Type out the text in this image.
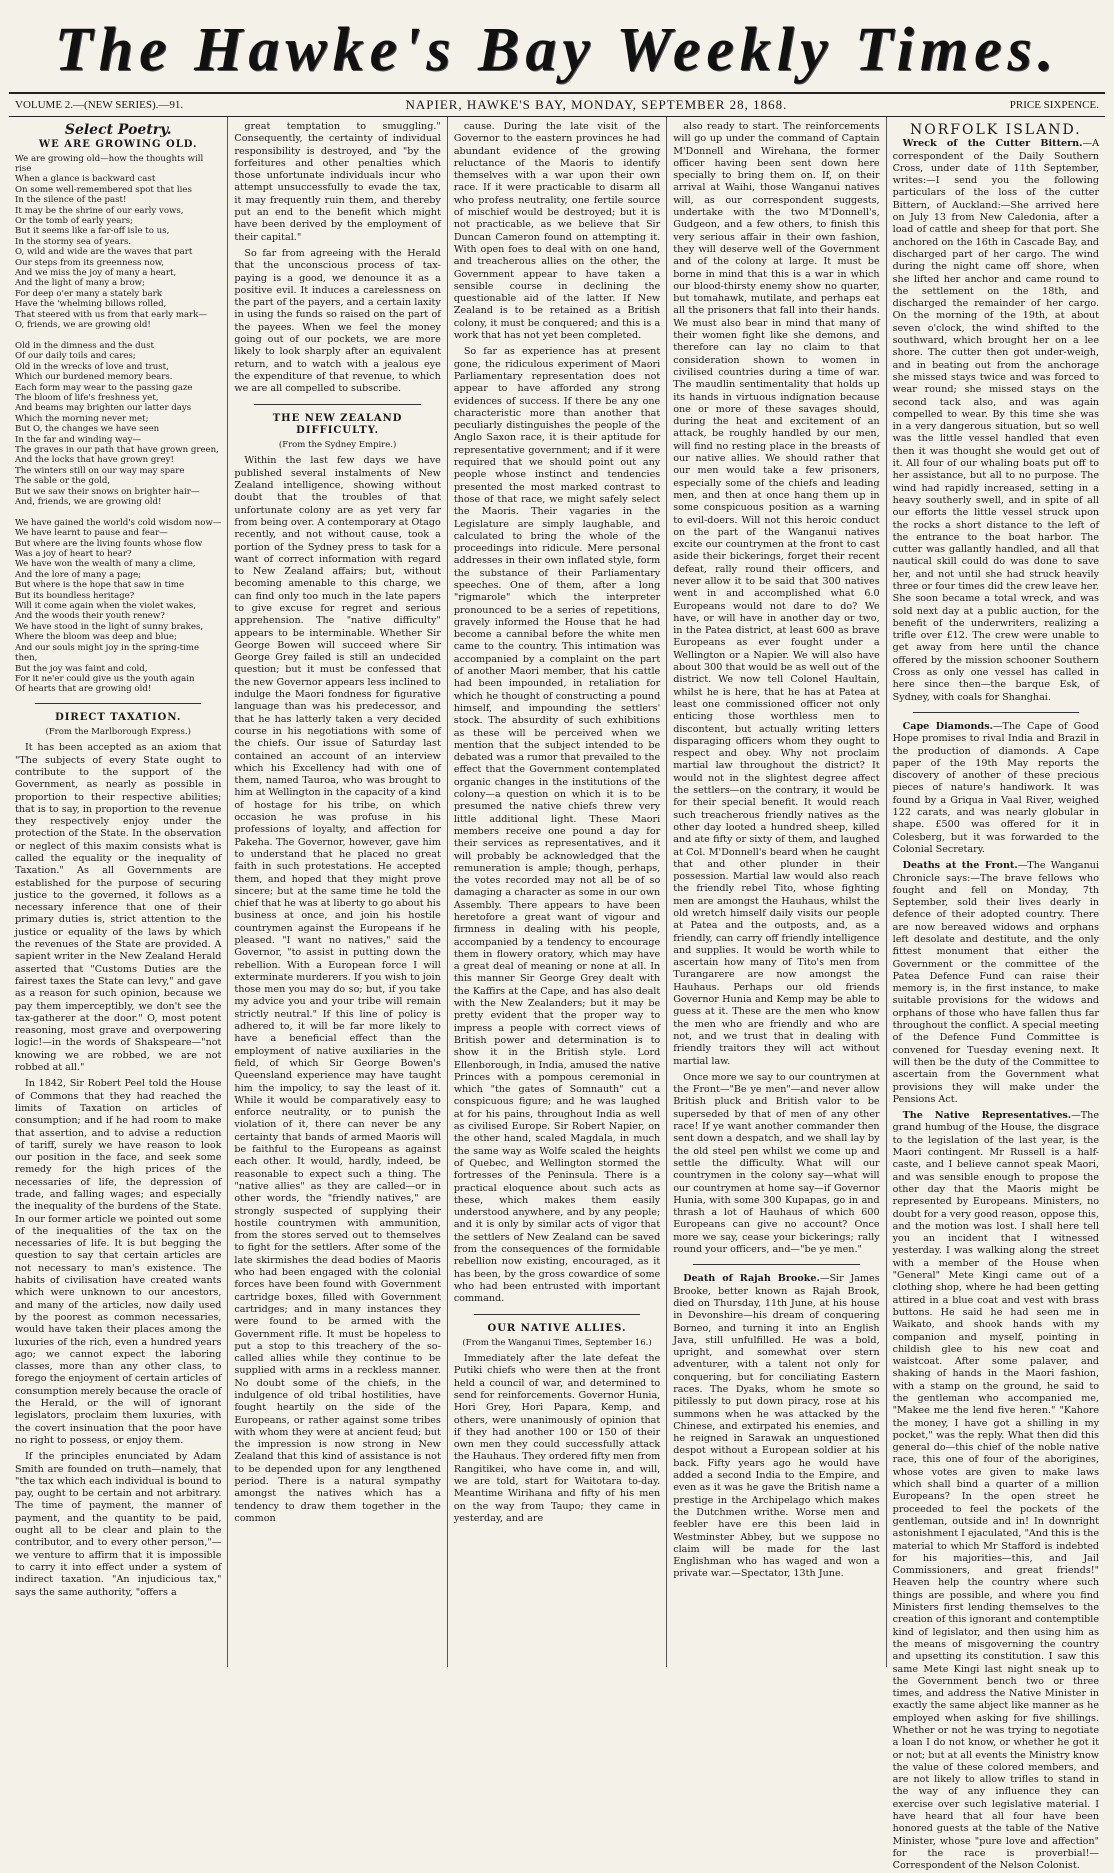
The Hawke's Bay Weekly Times.
VOLUME 2.—(NEW SERIES).—91.	NAPIER, HAWKE'S BAY, MONDAY, SEPTEMBER 28, 1868.	PRICE SIXPENCE.
Select Poetry.
WE ARE GROWING OLD.
We are growing old—how the thoughts will rise
When a glance is backward cast
On some well-remembered spot that lies
In the silence of the past!
It may be the shrine of our early vows,
Or the tomb of early years;
But it seems like a far-off isle to us,
In the stormy sea of years.
O, wild and wide are the waves that part
Our steps from its greenness now,
And we miss the joy of many a heart,
And the light of many a brow;
For deep o'er many a stately bark
Have the 'whelming billows rolled,
That steered with us from that early mark—
O, friends, we are growing old!

Old in the dimness and the dust
Of our daily toils and cares;
Old in the wrecks of love and trust,
Which our burdened memory bears.
Each form may wear to the passing gaze
The bloom of life's freshness yet,
And beams may brighten our latter days
Which the morning never met;
But O, the changes we have seen
In the far and winding way—
The graves in our path that have grown green,
And the locks that have grown grey!
The winters still on our way may spare
The sable or the gold,
But we saw their snows on brighter hair—
And, friends, we are growing old!

We have gained the world's cold wisdom now—
We have learnt to pause and fear—
But where are the living founts whose flow
Was a joy of heart to hear?
We have won the wealth of many a clime,
And the lore of many a page;
But where is the hope that saw in time
But its boundless heritage?
Will it come again when the violet wakes,
And the woods their youth renew?
We have stood in the light of sunny brakes,
Where the bloom was deep and blue;
And our souls might joy in the spring-time then,
But the joy was faint and cold,
For it ne'er could give us the youth again
Of hearts that are growing old!
DIRECT TAXATION.
(From the Marlborough Express.)

It has been accepted as an axiom that "The subjects of every State ought to contribute to the support of the Government, as nearly as possible in proportion to their respective abilities; that is to say, in proportion to the revenue they respectively enjoy under the protection of the State. In the observation or neglect of this maxim consists what is called the equality or the inequality of Taxation." As all Governments are established for the purpose of securing justice to the governed, it follows as a necessary inference that one of their primary duties is, strict attention to the justice or equality of the laws by which the revenues of the State are provided. A sapient writer in the New Zealand Herald asserted that "Customs Duties are the fairest taxes the State can levy," and gave as a reason for such opinion, because we pay them imperceptibly, we don't see the tax-gatherer at the door." O, most potent reasoning, most grave and overpowering logic!—in the words of Shakspeare—"not knowing we are robbed, we are not robbed at all."

In 1842, Sir Robert Peel told the House of Commons that they had reached the limits of Taxation on articles of consumption; and if he had room to make that assertion, and to advise a reduction of tariff, surely we have reason to look our position in the face, and seek some remedy for the high prices of the necessaries of life, the depression of trade, and falling wages; and especially the inequality of the burdens of the State. In our former article we pointed out some of the inequalities of the tax on the necessaries of life. It is but begging the question to say that certain articles are not necessary to man's existence. The habits of civilisation have created wants which were unknown to our ancestors, and many of the articles, now daily used by the poorest as common necessaries, would have taken their places among the luxuries of the rich, even a hundred years ago; we cannot expect the laboring classes, more than any other class, to forego the enjoyment of certain articles of consumption merely because the oracle of the Herald, or the will of ignorant legislators, proclaim them luxuries, with the covert insinuation that the poor have no right to possess, or enjoy them.

If the principles enunciated by Adam Smith are founded on truth—namely, that "the tax which each individual is bound to pay, ought to be certain and not arbitrary. The time of payment, the manner of payment, and the quantity to be paid, ought all to be clear and plain to the contributor, and to every other person,"—we venture to affirm that it is impossible to carry it into effect under a system of indirect taxation. "An injudicious tax," says the same authority, "offers a

great temptation to smuggling." Consequently, the certainty of individual responsibility is destroyed, and "by the forfeitures and other penalties which those unfortunate individuals incur who attempt unsuccessfully to evade the tax, it may frequently ruin them, and thereby put an end to the benefit which might have been derived by the employment of their capital."

So far from agreeing with the Herald that the unconscious process of tax-paying is a good, we denounce it as a positive evil. It induces a carelessness on the part of the payers, and a certain laxity in using the funds so raised on the part of the payees. When we feel the money going out of our pockets, we are more likely to look sharply after an equivalent return, and to watch with a jealous eye the expenditure of that revenue, to which we are all compelled to subscribe.

THE NEW ZEALAND DIFFICULTY.
(From the Sydney Empire.)

Within the last few days we have published several instalments of New Zealand intelligence, showing without doubt that the troubles of that unfortunate colony are as yet very far from being over. A contemporary at Otago recently, and not without cause, took a portion of the Sydney press to task for a want of correct information with regard to New Zealand affairs; but, without becoming amenable to this charge, we can find only too much in the late papers to give excuse for regret and serious apprehension. The "native difficulty" appears to be interminable. Whether Sir George Bowen will succeed where Sir George Grey failed is still an undecided question; but it must be confessed that the new Governor appears less inclined to indulge the Maori fondness for figurative language than was his predecessor, and that he has latterly taken a very decided course in his negotiations with some of the chiefs. Our issue of Saturday last contained an account of an interview which his Excellency had with one of them, named Tauroa, who was brought to him at Wellington in the capacity of a kind of hostage for his tribe, on which occasion he was profuse in his professions of loyalty, and affection for Pakeha. The Governor, however, gave him to understand that he placed no great faith in such protestations. He accepted them, and hoped that they might prove sincere; but at the same time he told the chief that he was at liberty to go about his business at once, and join his hostile countrymen against the Europeans if he pleased. "I want no natives," said the Governor, "to assist in putting down the rebellion. With a European force I will exterminate murderers. If you wish to join those men you may do so; but, if you take my advice you and your tribe will remain strictly neutral." If this line of policy is adhered to, it will be far more likely to have a beneficial effect than the employment of native auxiliaries in the field, of which Sir George Bowen's Queensland experience may have taught him the impolicy, to say the least of it. While it would be comparatively easy to enforce neutrality, or to punish the violation of it, there can never be any certainty that bands of armed Maoris will be faithful to the Europeans as against each other. It would, hardly, indeed, be reasonable to expect such a thing. The "native allies" as they are called—or in other words, the "friendly natives," are strongly suspected of supplying their hostile countrymen with ammunition, from the stores served out to themselves to fight for the settlers. After some of the late skirmishes the dead bodies of Maoris who had been engaged with the colonial forces have been found with Government cartridge boxes, filled with Government cartridges; and in many instances they were found to be armed with the Government rifle. It must be hopeless to put a stop to this treachery of the so-called allies while they continue to be supplied with arms in a reckless manner. No doubt some of the chiefs, in the indulgence of old tribal hostilities, have fought heartily on the side of the Europeans, or rather against some tribes with whom they were at ancient feud; but the impression is now strong in New Zealand that this kind of assistance is not to be depended upon for any lengthened period. There is a natural sympathy amongst the natives which has a tendency to draw them together in the common

cause. During the late visit of the Governor to the eastern provinces he had abundant evidence of the growing reluctance of the Maoris to identify themselves with a war upon their own race. If it were practicable to disarm all who profess neutrality, one fertile source of mischief would be destroyed; but it is not practicable, as we believe that Sir Duncan Cameron found on attempting it. With open foes to deal with on one hand, and treacherous allies on the other, the Government appear to have taken a sensible course in declining the questionable aid of the latter. If New Zealand is to be retained as a British colony, it must be conquered; and this is a work that has not yet been completed.

So far as experience has at present gone, the ridiculous experiment of Maori Parliamentary representation does not appear to have afforded any strong evidences of success. If there be any one characteristic more than another that peculiarly distinguishes the people of the Anglo Saxon race, it is their aptitude for representative government; and if it were required that we should point out any people whose instinct and tendencies presented the most marked contrast to those of that race, we might safely select the Maoris. Their vagaries in the Legislature are simply laughable, and calculated to bring the whole of the proceedings into ridicule. Mere personal addresses in their own inflated style, form the substance of their Parliamentary speeches. One of them, after a long "rigmarole" which the interpreter pronounced to be a series of repetitions, gravely informed the House that he had become a cannibal before the white men came to the country. This intimation was accompanied by a complaint on the part of another Maori member, that his cattle had been impounded, in retaliation for which he thought of constructing a pound himself, and impounding the settlers' stock. The absurdity of such exhibitions as these will be perceived when we mention that the subject intended to be debated was a rumor that prevailed to the effect that the Government contemplated organic changes in the institutions of the colony—a question on which it is to be presumed the native chiefs threw very little additional light. These Maori members receive one pound a day for their services as representatives, and it will probably be acknowledged that the remuneration is ample; though, perhaps, the votes recorded may not all be of so damaging a character as some in our own Assembly. There appears to have been heretofore a great want of vigour and firmness in dealing with his people, accompanied by a tendency to encourage them in flowery oratory, which may have a great deal of meaning or none at all. In this manner Sir George Grey dealt with the Kaffirs at the Cape, and has also dealt with the New Zealanders; but it may be pretty evident that the proper way to impress a people with correct views of British power and determination is to show it in the British style. Lord Ellenborough, in India, amused the native Princes with a pompous ceremonial in which "the gates of Somnauth" cut a conspicuous figure; and he was laughed at for his pains, throughout India as well as civilised Europe. Sir Robert Napier, on the other hand, scaled Magdala, in much the same way as Wolfe scaled the heights of Quebec, and Wellington stormed the fortresses of the Peninsula. There is a practical eloquence about such acts as these, which makes them easily understood anywhere, and by any people; and it is only by similar acts of vigor that the settlers of New Zealand can be saved from the consequences of the formidable rebellion now existing, encouraged, as it has been, by the gross cowardice of some who had been entrusted with important command.

OUR NATIVE ALLIES.
(From the Wanganui Times, September 16.)

Immediately after the late defeat the Putiki chiefs who were then at the front held a council of war, and determined to send for reinforcements. Governor Hunia, Hori Grey, Hori Papara, Kemp, and others, were unanimously of opinion that if they had another 100 or 150 of their own men they could successfully attack the Hauhaus. They ordered fifty men from Rangitikei, who have come in, and will, we are told, start for Waitotara to-day. Meantime Wirihana and fifty of his men on the way from Taupo; they came in yesterday, and are

also ready to start. The reinforcements will go up under the command of Captain M'Donnell and Wirehana, the former officer having been sent down here specially to bring them on. If, on their arrival at Waihi, those Wanganui natives will, as our correspondent suggests, undertake with the two M'Donnell's, Gudgeon, and a few others, to finish this very serious affair in their own fashion, they will deserve well of the Government and of the colony at large. It must be borne in mind that this is a war in which our blood-thirsty enemy show no quarter, but tomahawk, mutilate, and perhaps eat all the prisoners that fall into their hands. We must also bear in mind that many of their women fight like she demons, and therefore can lay no claim to that consideration shown to women in civilised countries during a time of war. The maudlin sentimentality that holds up its hands in virtuous indignation because one or more of these savages should, during the heat and excitement of an attack, be roughly handled by our men, will find no resting place in the breasts of our native allies. We should rather that our men would take a few prisoners, especially some of the chiefs and leading men, and then at once hang them up in some conspicuous position as a warning to evil-doers. Will not this heroic conduct on the part of the Wanganui natives excite our countrymen at the front to cast aside their bickerings, forget their recent defeat, rally round their officers, and never allow it to be said that 300 natives went in and accomplished what 6.0 Europeans would not dare to do? We have, or will have in another day or two, in the Patea district, at least 600 as brave Europeans as ever fought under a Wellington or a Napier. We will also have about 300 that would be as well out of the district. We now tell Colonel Haultain, whilst he is here, that he has at Patea at least one commissioned officer not only enticing those worthless men to discontent, but actually writing letters disparaging officers whom they ought to respect and obey. Why not proclaim martial law throughout the district? It would not in the slightest degree affect the settlers—on the contrary, it would be for their special benefit. It would reach such treacherous friendly natives as the other day looted a hundred sheep, killed and ate fifty or sixty of them, and laughed at Col. M'Donnell's beard when he caught that and other plunder in their possession. Martial law would also reach the friendly rebel Tito, whose fighting men are amongst the Hauhaus, whilst the old wretch himself daily visits our people at Patea and the outposts, and, as a friendly, can carry off friendly intelligence and supplies. It would be worth while to ascertain how many of Tito's men from Turangarere are now amongst the Hauhaus. Perhaps our old friends Governor Hunia and Kemp may be able to guess at it. These are the men who know the men who are friendly and who are not, and we trust that in dealing with friendly traitors they will act without martial law.

Once more we say to our countrymen at the Front—"Be ye men"—and never allow British pluck and British valor to be superseded by that of men of any other race! If ye want another commander then sent down a despatch, and we shall lay by the old steel pen whilst we come up and settle the difficulty. What will our countrymen in the colony say—what will our countrymen at home say—if Governor Hunia, with some 300 Kupapas, go in and thrash a lot of Hauhaus of which 600 Europeans can give no account? Once more we say, cease your bickerings; rally round your officers, and—"be ye men."

Death of Rajah Brooke.—Sir James Brooke, better known as Rajah Brook, died on Thursday, 11th June, at his house in Devonshire—his dream of conquering Borneo, and turning it into an English Java, still unfulfilled. He was a bold, upright, and somewhat over stern adventurer, with a talent not only for conquering, but for conciliating Eastern races. The Dyaks, whom he smote so pitilessly to put down piracy, rose at his summons when he was attacked by the Chinese, and extirpated his enemies, and he reigned in Sarawak an unquestioned despot without a European soldier at his back. Fifty years ago he would have added a second India to the Empire, and even as it was he gave the British name a prestige in the Archipelago which makes the Dutchmen writhe. Worse men and feebler have ere this been laid in Westminster Abbey, but we suppose no claim will be made for the last Englishman who has waged and won a private war.—Spectator, 13th June.

NORFOLK ISLAND.

Wreck of the Cutter Bittern.—A correspondent of the Daily Southern Cross, under date of 11th September, writes:—I send you the following particulars of the loss of the cutter Bittern, of Auckland:—She arrived here on July 13 from New Caledonia, after a load of cattle and sheep for that port. She anchored on the 16th in Cascade Bay, and discharged part of her cargo. The wind during the night came off shore, when she lifted her anchor and came round to the settlement on the 18th, and discharged the remainder of her cargo. On the morning of the 19th, at about seven o'clock, the wind shifted to the southward, which brought her on a lee shore. The cutter then got under-weigh, and in beating out from the anchorage she missed stays twice and was forced to wear round; she missed stays on the second tack also, and was again compelled to wear. By this time she was in a very dangerous situation, but so well was the little vessel handled that even then it was thought she would get out of it. All four of our whaling boats put off to her assistance, but all to no purpose. The wind had rapidly increased, setting in a heavy southerly swell, and in spite of all our efforts the little vessel struck upon the rocks a short distance to the left of the entrance to the boat harbor. The cutter was gallantly handled, and all that nautical skill could do was done to save her, and not until she had struck heavily three or four times did the crew leave her. She soon became a total wreck, and was sold next day at a public auction, for the benefit of the underwriters, realizing a trifle over £12. The crew were unable to get away from here until the chance offered by the mission schooner Southern Cross as only one vessel has called in here since then—the barque Esk, of Sydney, with coals for Shanghai.

Cape Diamonds.—The Cape of Good Hope promises to rival India and Brazil in the production of diamonds. A Cape paper of the 19th May reports the discovery of another of these precious pieces of nature's handiwork. It was found by a Griqua in Vaal River, weighed 122 carats, and was nearly globular in shape. £500 was offered for it in Colesberg, but it was forwarded to the Colonial Secretary.

Deaths at the Front.—The Wanganui Chronicle says:—The brave fellows who fought and fell on Monday, 7th September, sold their lives dearly in defence of their adopted country. There are now bereaved widows and orphans left desolate and destitute, and the only fittest monument that either the Government or the committee of the Patea Defence Fund can raise their memory is, in the first instance, to make suitable provisions for the widows and orphans of those who have fallen thus far throughout the conflict. A special meeting of the Defence Fund Committee is convened for Tuesday evening next. It will then be the duty of the Committee to ascertain from the Government what provisions they will make under the Pensions Act.

The Native Representatives.—The grand humbug of the House, the disgrace to the legislation of the last year, is the Maori contingent. Mr Russell is a half-caste, and I believe cannot speak Maori, and was sensible enough to propose the other day that the Maoris might be represented by Europeans. Ministers, no doubt for a very good reason, oppose this, and the motion was lost. I shall here tell you an incident that I witnessed yesterday. I was walking along the street with a member of the House when "General" Mete Kingi came out of a clothing shop, where he had been getting attired in a blue coat and vest with brass buttons. He said he had seen me in Waikato, and shook hands with my companion and myself, pointing in childish glee to his new coat and waistcoat. After some palaver, and shaking of hands in the Maori fashion, with a stamp on the ground, he said to the gentleman who accompanied me, "Makee me the lend five heren." "Kahore the money, I have got a shilling in my pocket," was the reply. What then did this general do—this chief of the noble native race, this one of four of the aborigines, whose votes are given to make laws which shall bind a quarter of a million Europeans? In the open street he proceeded to feel the pockets of the gentleman, outside and in! In downright astonishment I ejaculated, "And this is the material to which Mr Stafford is indebted for his majorities—this, and Jail Commissioners, and great friends!" Heaven help the country where such things are possible, and where you find Ministers first lending themselves to the creation of this ignorant and contemptible kind of legislator, and then using him as the means of misgoverning the country and upsetting its constitution. I saw this same Mete Kingi last night sneak up to the Government bench two or three times, and address the Native Minister in exactly the same abject like manner as he employed when asking for five shillings. Whether or not he was trying to negotiate a loan I do not know, or whether he got it or not; but at all events the Ministry know the value of these colored members, and are not likely to allow trifles to stand in the way of any influence they can exercise over such legislative material. I have heard that all four have been honored guests at the table of the Native Minister, whose "pure love and affection" for the race is proverbial!—Correspondent of the Nelson Colonist.
